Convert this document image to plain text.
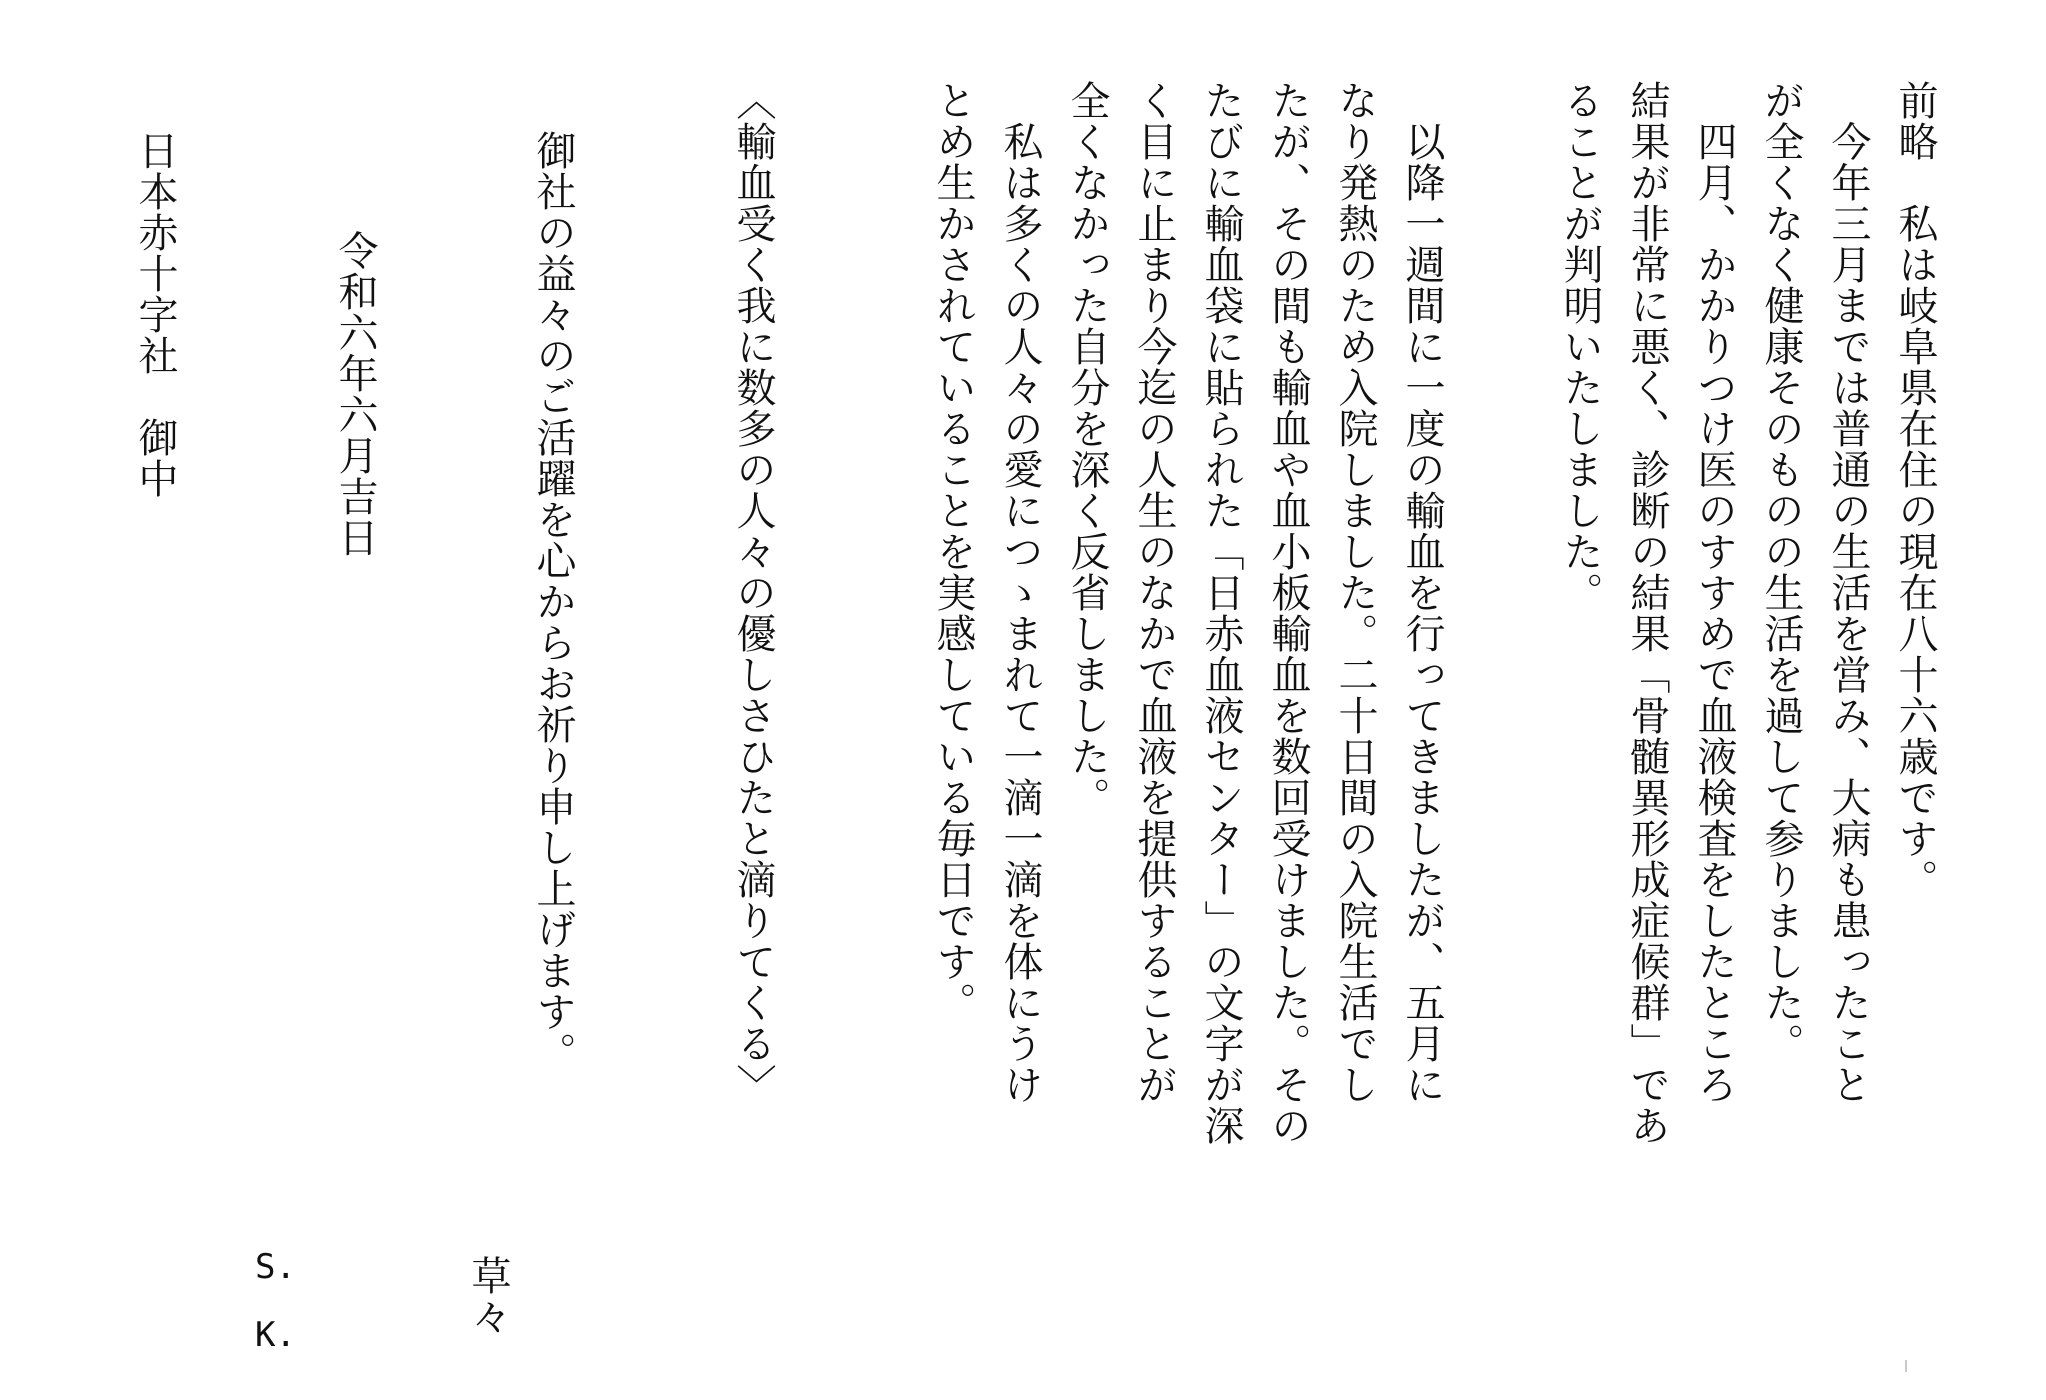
前略　私は岐阜県在住の現在八十六歳です。
　今年三月までは普通の生活を営み、大病も患ったこと
が全くなく健康そのものの生活を過して参りました。
　四月、かかりつけ医のすすめで血液検査をしたところ
結果が非常に悪く、診断の結果「骨髄異形成症候群」であ
ることが判明いたしました。
　以降一週間に一度の輸血を行ってきましたが、五月に
なり発熱のため入院しました。二十日間の入院生活でし
たが、その間も輸血や血小板輸血を数回受けました。その
たびに輸血袋に貼られた「日赤血液センター」の文字が深
く目に止まり今迄の人生のなかで血液を提供することが
全くなかった自分を深く反省しました。
　私は多くの人々の愛につゝまれて一滴一滴を体にうけ
とめ生かされていることを実感している毎日です。
〈輸血受く我に数多の人々の優しさひたと滴りてくる〉
御社の益々のご活躍を心からお祈り申し上げます。
草々
令和六年六月吉日
S.
K.
日本赤十字社　御中
